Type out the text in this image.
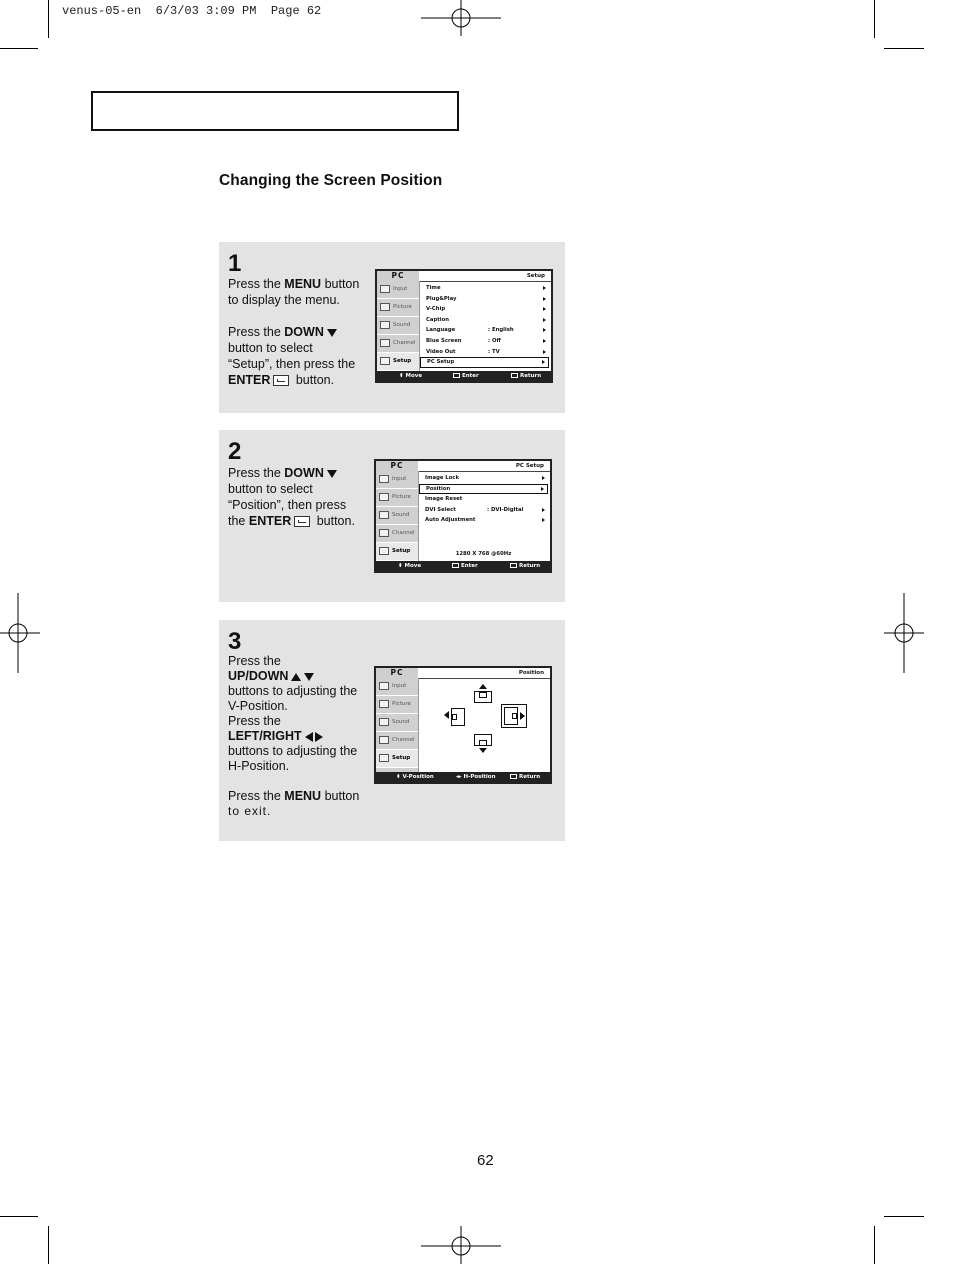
venus-05-en  6/3/03 3:09 PM  Page 62
Changing the Screen Position
1

Press the MENU button

to display the menu.

Press the DOWN

button to select

“Setup”, then press the

ENTER button.

PC	Setup
Input
Picture
Sound
Channel
Setup
Time
Plug&Play
V-Chip
Caption
Language	: English
Blue Screen	: Off
Video Out	: TV
PC Setup
⬍ Move	Enter	Return
2

Press the DOWN

button to select

“Position”, then press

the ENTER button.

PC	PC Setup
Input
Picture
Sound
Channel
Setup
Image Lock
Position
Image Reset
DVI Select	: DVI-Digital
Auto Adjustment
1280 X 768 @60Hz
⬍ Move	Enter	Return
3

Press the

UP/DOWN

buttons to adjusting the

V-Position.

Press the

LEFT/RIGHT

buttons to adjusting the

H-Position.

Press the MENU button

to exit.

PC	Position
Input
Picture
Sound
Channel
Setup
⬍ V-Position	◂▸ H-Position	Return
62
